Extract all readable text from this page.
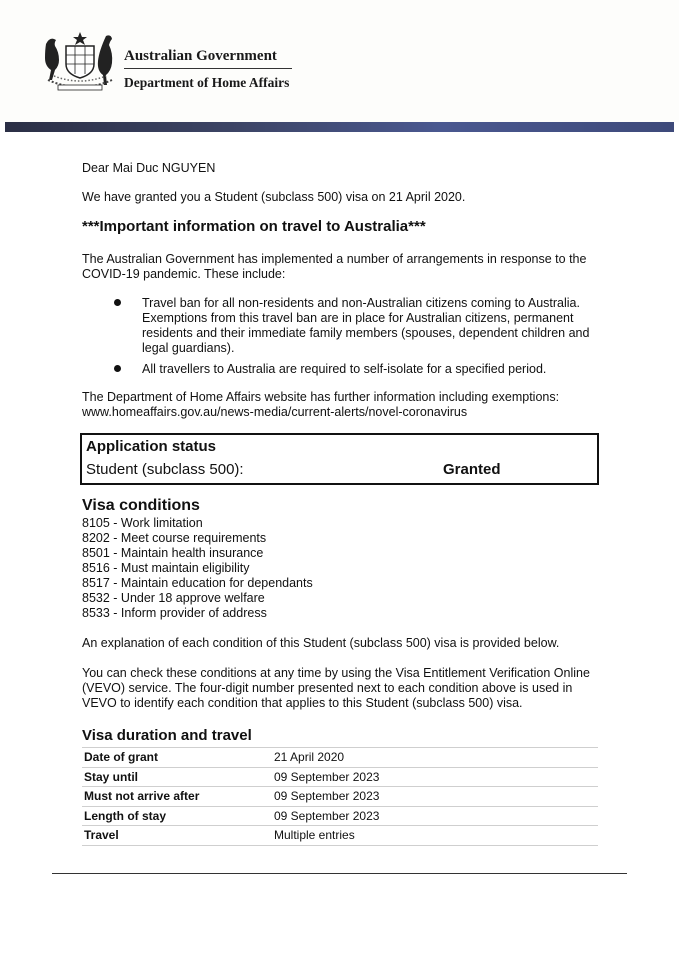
Australian Government
Department of Home Affairs
Dear Mai Duc NGUYEN
We have granted you a Student (subclass 500) visa on 21 April 2020.
***Important information on travel to Australia***
The Australian Government has implemented a number of arrangements in response to the COVID-19 pandemic. These include:
Travel ban for all non-residents and non-Australian citizens coming to Australia. Exemptions from this travel ban are in place for Australian citizens, permanent residents and their immediate family members (spouses, dependent children and legal guardians).
All travellers to Australia are required to self-isolate for a specified period.
The Department of Home Affairs website has further information including exemptions:
www.homeaffairs.gov.au/news-media/current-alerts/novel-coronavirus
Application status
Student (subclass 500):	Granted
Visa conditions
8105 - Work limitation
8202 - Meet course requirements
8501 - Maintain health insurance
8516 - Must maintain eligibility
8517 - Maintain education for dependants
8532 - Under 18 approve welfare
8533 - Inform provider of address
An explanation of each condition of this Student (subclass 500) visa is provided below.
You can check these conditions at any time by using the Visa Entitlement Verification Online (VEVO) service. The four-digit number presented next to each condition above is used in VEVO to identify each condition that applies to this Student (subclass 500) visa.
Visa duration and travel
Date of grant	21 April 2020
Stay until	09 September 2023
Must not arrive after	09 September 2023
Length of stay	09 September 2023
Travel	Multiple entries
